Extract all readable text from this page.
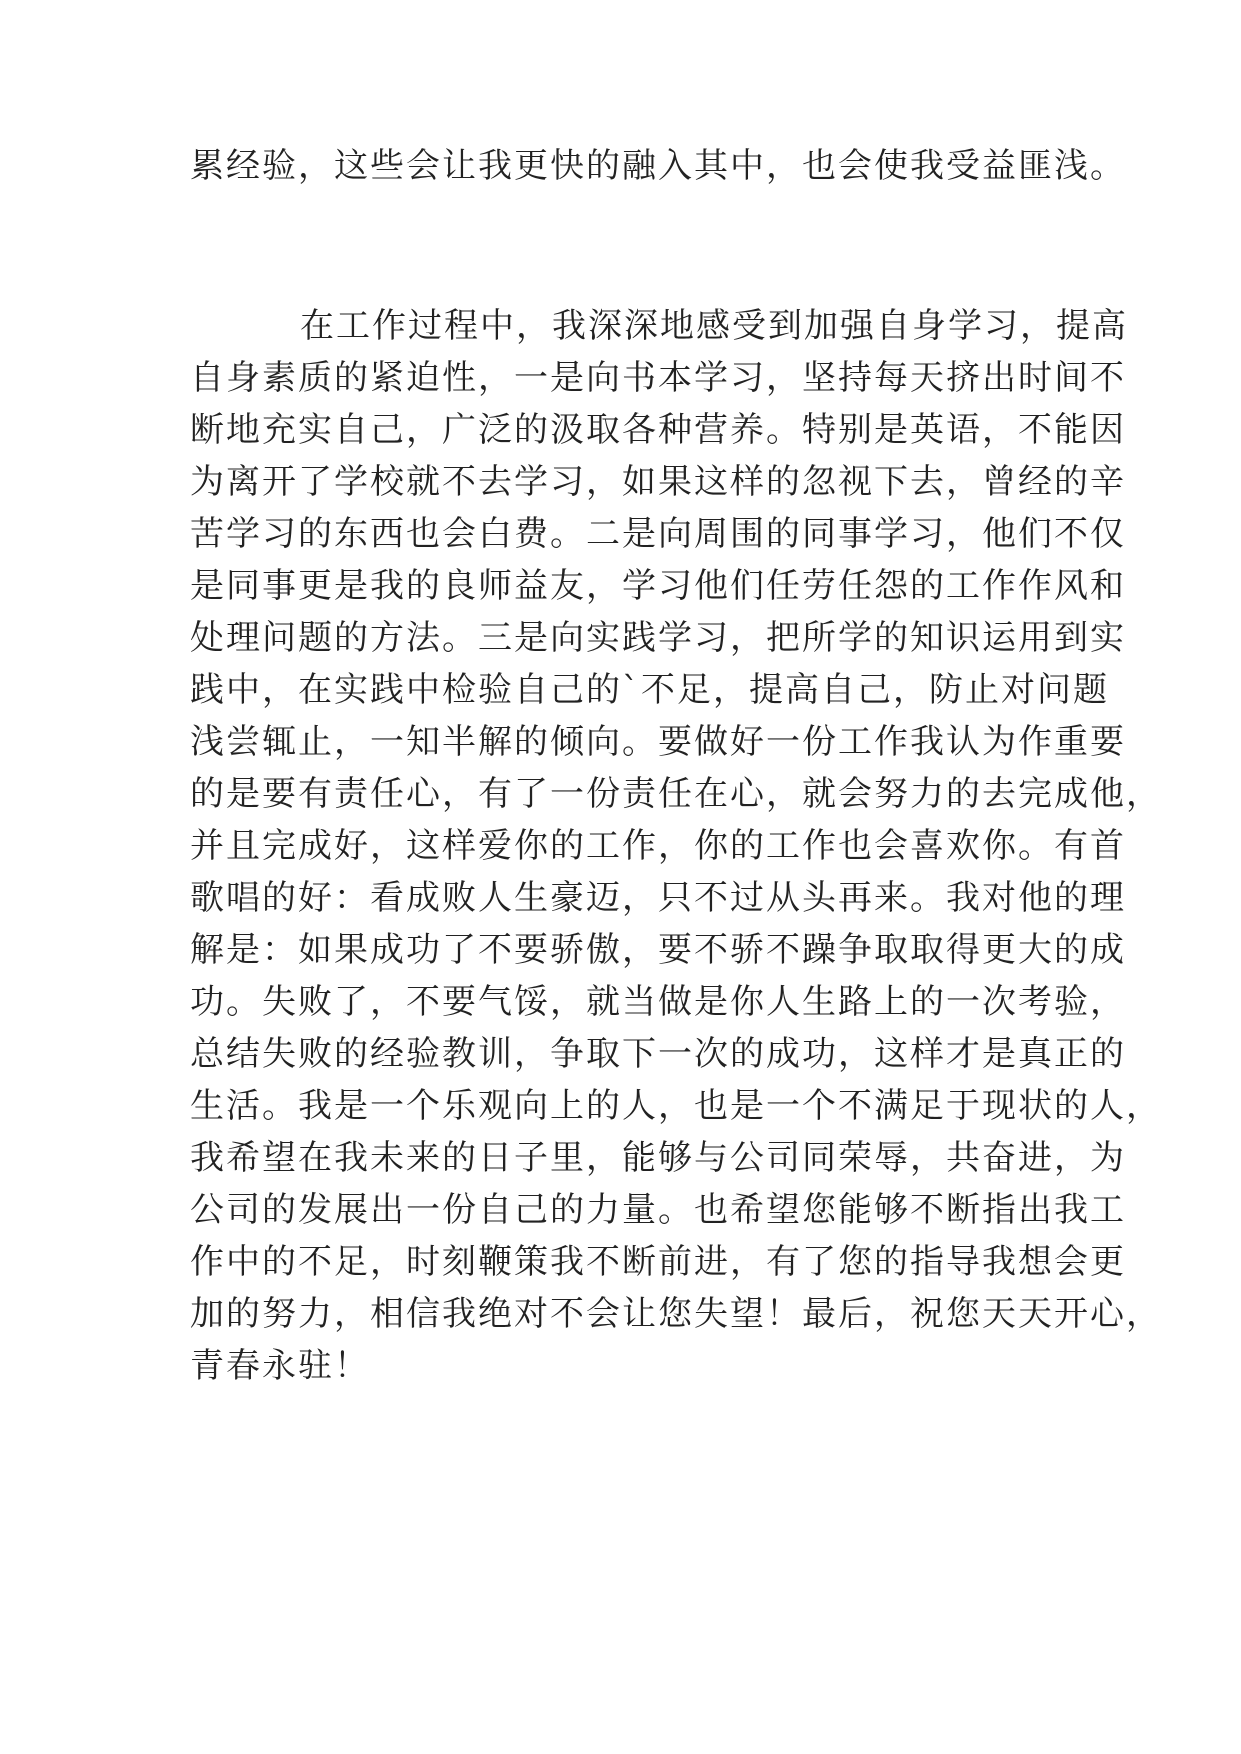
累经验，这些会让我更快的融入其中，也会使我受益匪浅。
在工作过程中，我深深地感受到加强自身学习，提高
自身素质的紧迫性，一是向书本学习，坚持每天挤出时间不
断地充实自己，广泛的汲取各种营养。特别是英语，不能因
为离开了学校就不去学习，如果这样的忽视下去，曾经的辛
苦学习的东西也会白费。二是向周围的同事学习，他们不仅
是同事更是我的良师益友，学习他们任劳任怨的工作作风和
处理问题的方法。三是向实践学习，把所学的知识运用到实
践中，在实践中检验自己的`不足，提高自己，防止对问题
浅尝辄止，一知半解的倾向。要做好一份工作我认为作重要
的是要有责任心，有了一份责任在心，就会努力的去完成他，
并且完成好，这样爱你的工作，你的工作也会喜欢你。有首
歌唱的好：看成败人生豪迈，只不过从头再来。我对他的理
解是：如果成功了不要骄傲，要不骄不躁争取取得更大的成
功。失败了，不要气馁，就当做是你人生路上的一次考验，
总结失败的经验教训，争取下一次的成功，这样才是真正的
生活。我是一个乐观向上的人，也是一个不满足于现状的人，
我希望在我未来的日子里，能够与公司同荣辱，共奋进，为
公司的发展出一份自己的力量。也希望您能够不断指出我工
作中的不足，时刻鞭策我不断前进，有了您的指导我想会更
加的努力，相信我绝对不会让您失望！最后，祝您天天开心，
青春永驻！
